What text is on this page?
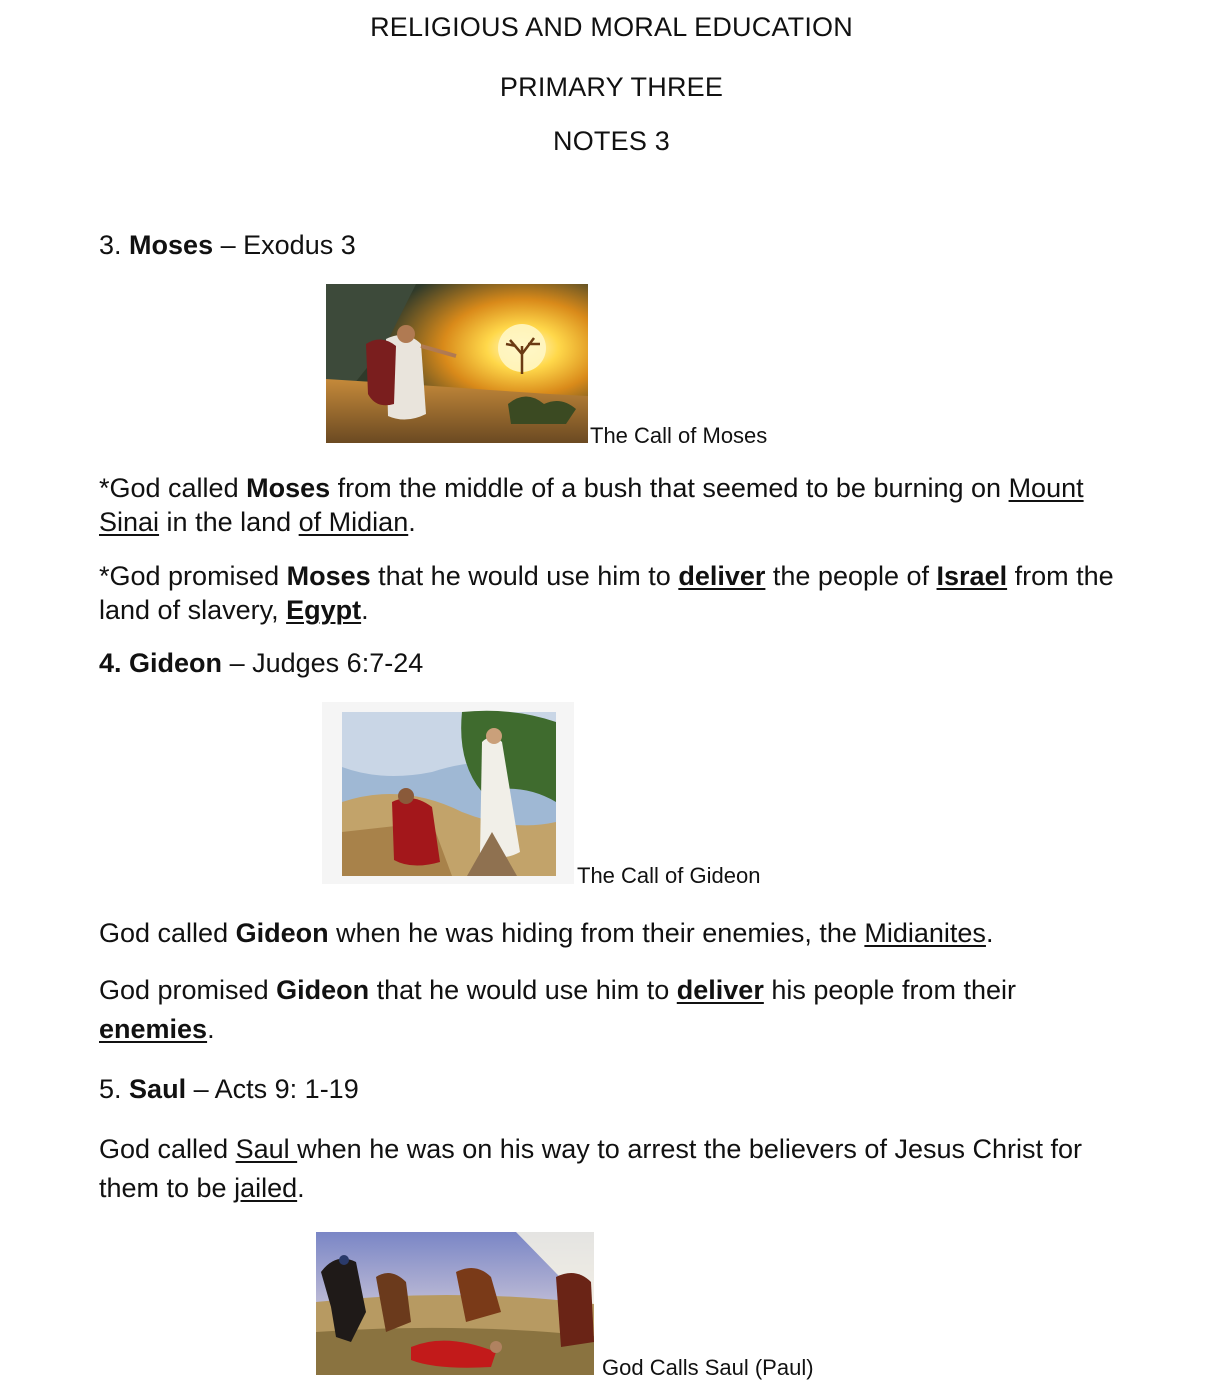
RELIGIOUS AND MORAL EDUCATION
PRIMARY THREE
NOTES 3
3. Moses – Exodus 3
The Call of Moses
*God called Moses from the middle of a bush that seemed to be burning on Mount Sinai in the land of Midian.
*God promised Moses that he would use him to deliver the people of Israel from the land of slavery, Egypt.
4. Gideon – Judges 6:7-24
The Call of Gideon
God called Gideon when he was hiding from their enemies, the Midianites.
God promised Gideon that he would use him to deliver his people from their enemies.
5. Saul – Acts 9: 1-19
God called Saul when he was on his way to arrest the believers of Jesus Christ for them to be jailed.
God Calls Saul (Paul)
